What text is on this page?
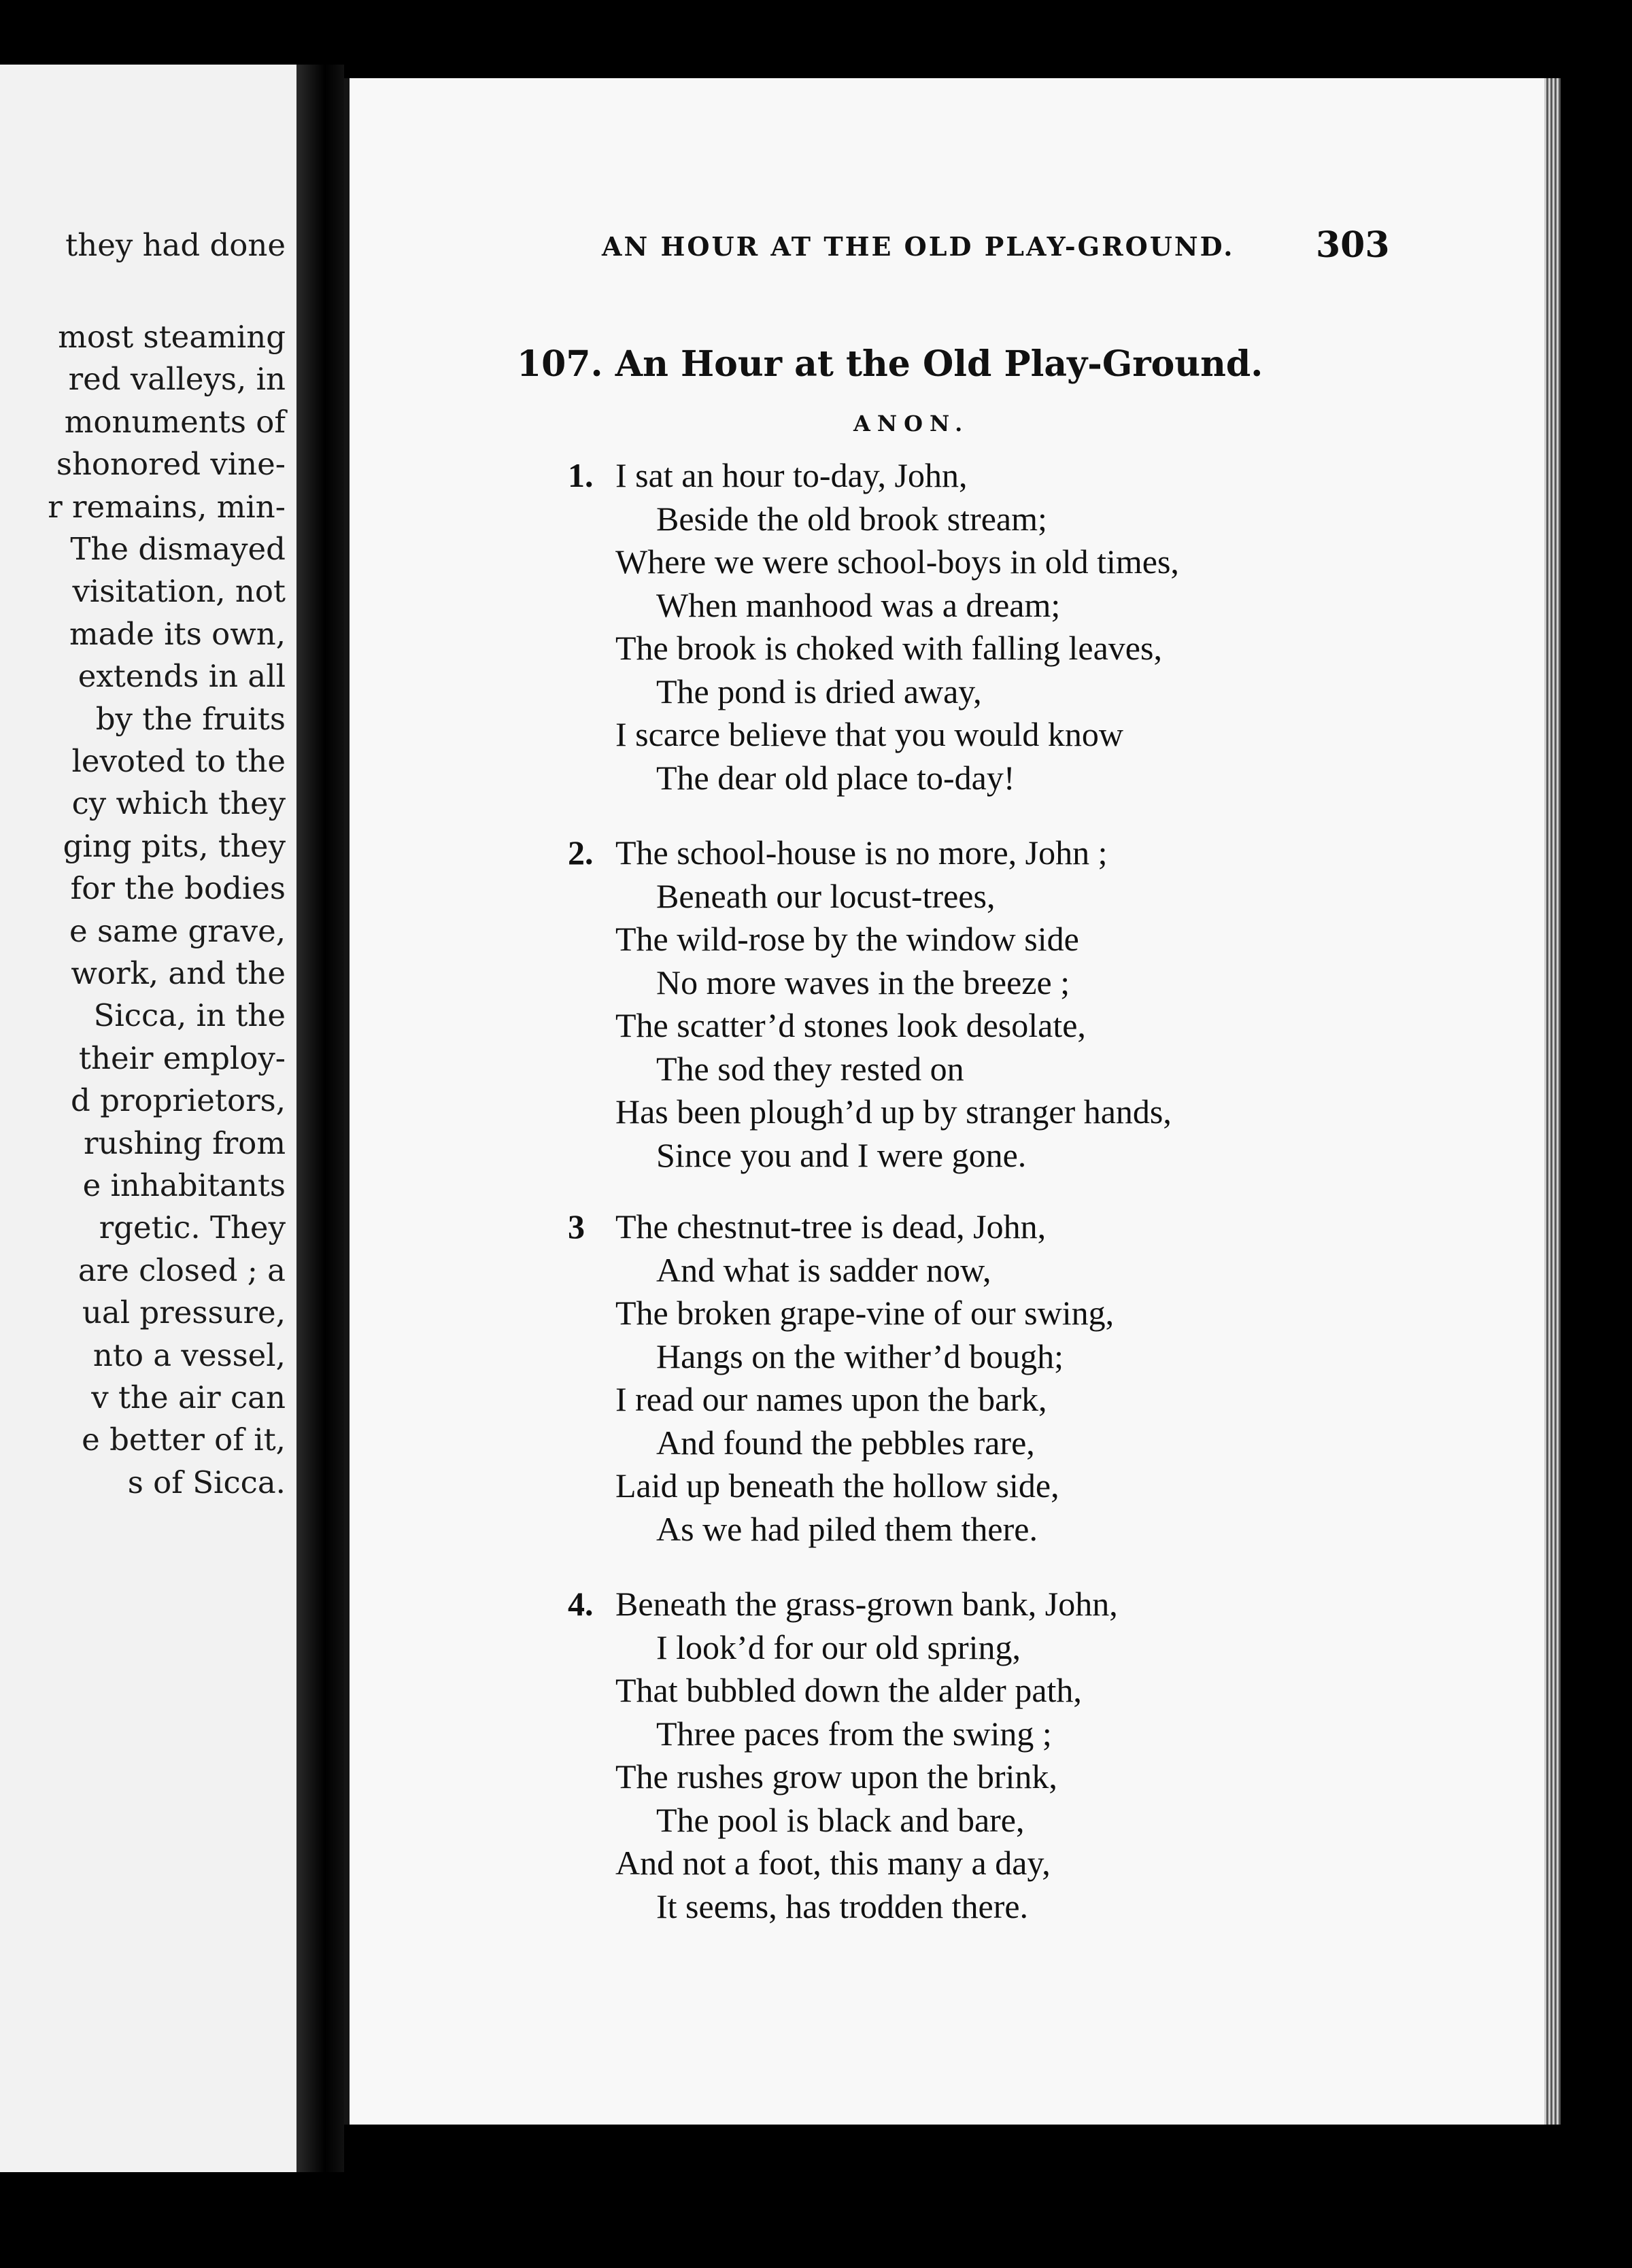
they had done
most steaming
red valleys, in
monuments of
shonored vine-
r remains, min-
The dismayed
visitation, not
made its own,
extends in all
by the fruits
levoted to the
cy which they
ging pits, they
for the bodies
e same grave,
work, and the
Sicca, in the
their employ-
d proprietors,
rushing from
e inhabitants
rgetic. They
are closed ; a
ual pressure,
nto a vessel,
v the air can
e better of it,
s of Sicca.
AN HOUR AT THE OLD PLAY-GROUND. 303
107. An Hour at the Old Play-Ground.
ANON.
1. I sat an hour to-day, John,
Beside the old brook stream;
Where we were school-boys in old times,
When manhood was a dream;
The brook is choked with falling leaves,
The pond is dried away,
I scarce believe that you would know
The dear old place to-day!
2. The school-house is no more, John ;
Beneath our locust-trees,
The wild-rose by the window side
No more waves in the breeze ;
The scatter’d stones look desolate,
The sod they rested on
Has been plough’d up by stranger hands,
Since you and I were gone.
3 The chestnut-tree is dead, John,
And what is sadder now,
The broken grape-vine of our swing,
Hangs on the wither’d bough;
I read our names upon the bark,
And found the pebbles rare,
Laid up beneath the hollow side,
As we had piled them there.
4. Beneath the grass-grown bank, John,
I look’d for our old spring,
That bubbled down the alder path,
Three paces from the swing ;
The rushes grow upon the brink,
The pool is black and bare,
And not a foot, this many a day,
It seems, has trodden there.
